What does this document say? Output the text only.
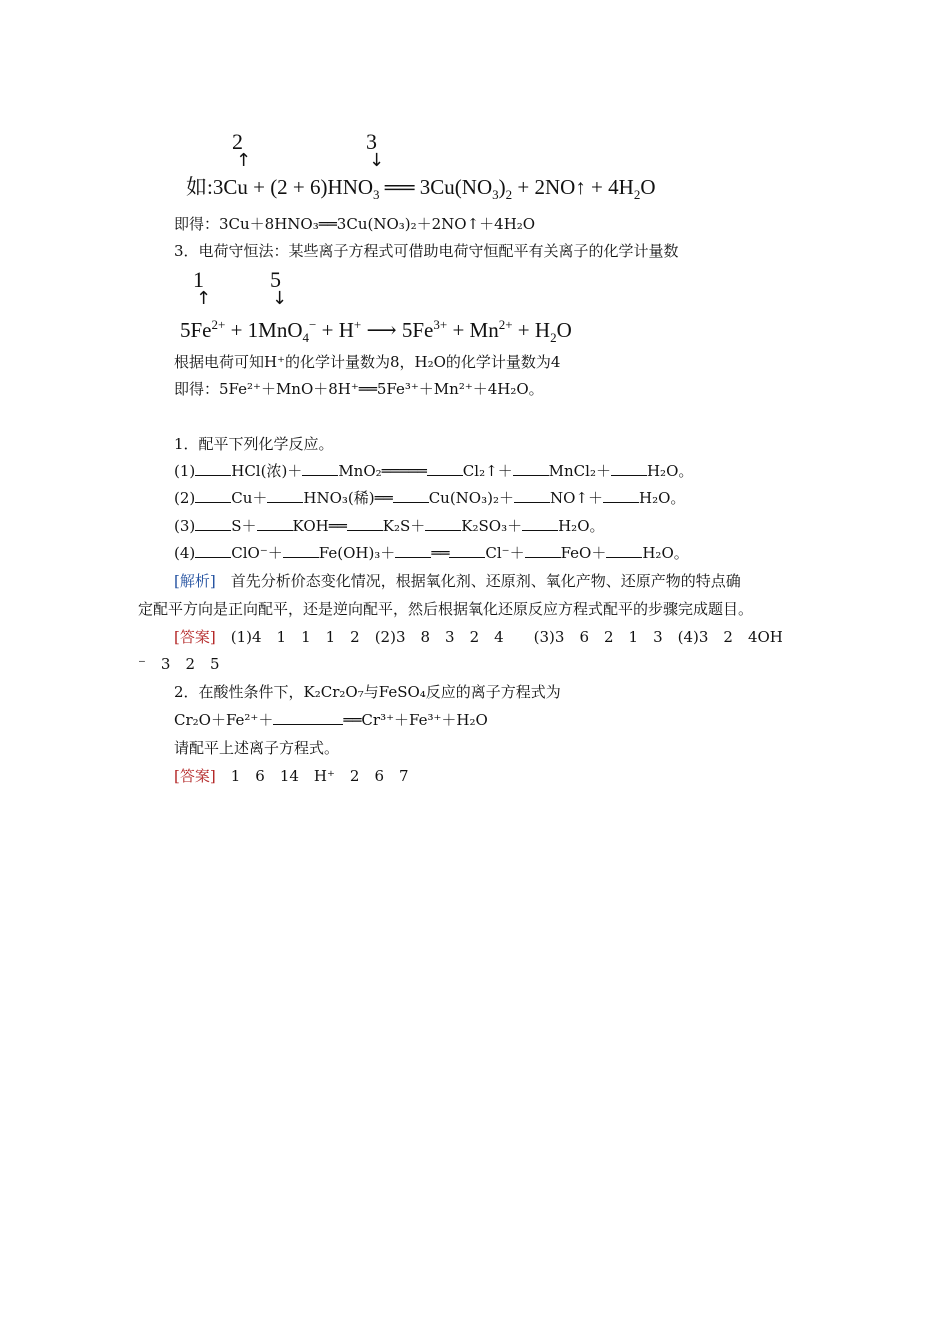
2
↑
3
↓
如:3Cu + $(2 + 6)HNO_3$ ══ $3Cu(NO_3)_2$ + 2NO↑ + $4H_2O$
即得：3Cu＋8HNO₃══3Cu(NO₃)₂＋2NO↑＋4H₂O
3．电荷守恒法：某些离子方程式可借助电荷守恒配平有关离子的化学计量数
1
↑
5
↓
$5Fe^{2+} + 1MnO_4^- + H^+$ ⟶ $5Fe^{3+} + Mn^{2+} + H_2O$
根据电荷可知H⁺的化学计量数为8，H₂O的化学计量数为4
即得：5Fe²⁺＋MnO＋8H⁺══5Fe³⁺＋Mn²⁺＋4H₂O。
1．配平下列化学反应。
(1) HCl(浓)＋ MnO₂═════ Cl₂↑＋ MnCl₂＋ H₂O。
(2) Cu＋ HNO₃(稀)══ Cu(NO₃)₂＋ NO↑＋ H₂O。
(3) S＋ KOH══ K₂S＋ K₂SO₃＋ H₂O。
(4) ClO⁻＋ Fe(OH)₃＋ ══ Cl⁻＋ FeO＋ H₂O。
[解析]　 首先分析价态变化情况，根据氧化剂、还原剂、氧化产物、还原产物的特点确
定配平方向是正向配平，还是逆向配平，然后根据氧化还原反应方程式配平的步骤完成题目。
[答案]　 (1)4　1　1　1　2　(2)3　8　3　2　4　　(3)3　6　2　1　3　(4)3　2　4OH
⁻　3　2　5
2．在酸性条件下，K₂Cr₂O₇与FeSO₄反应的离子方程式为
Cr₂O＋Fe²⁺＋	══Cr³⁺＋Fe³⁺＋H₂O
请配平上述离子方程式。
[答案]　 1　6　14　H⁺　2　6　7
